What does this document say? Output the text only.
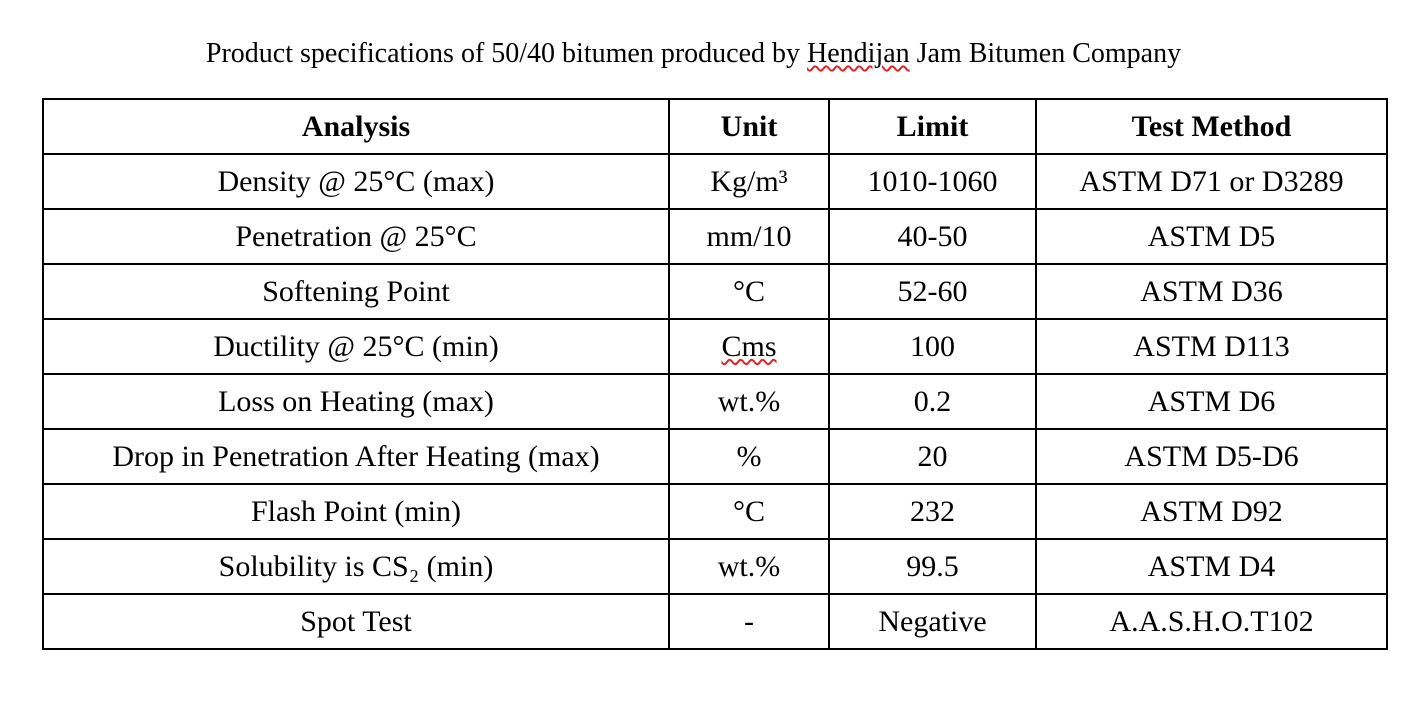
Product specifications of 50/40 bitumen produced by Hendijan Jam Bitumen Company
Analysis	Unit	Limit	Test Method
Density @ 25°C (max)	Kg/m³	1010-1060	ASTM D71 or D3289
Penetration @ 25°C	mm/10	40-50	ASTM D5
Softening Point	°C	52-60	ASTM D36
Ductility @ 25°C (min)	Cms	100	ASTM D113
Loss on Heating (max)	wt.%	0.2	ASTM D6
Drop in Penetration After Heating (max)	%	20	ASTM D5-D6
Flash Point (min)	°C	232	ASTM D92
Solubility is CS₂ (min)	wt.%	99.5	ASTM D4
Spot Test	-	Negative	A.A.S.H.O.T102
